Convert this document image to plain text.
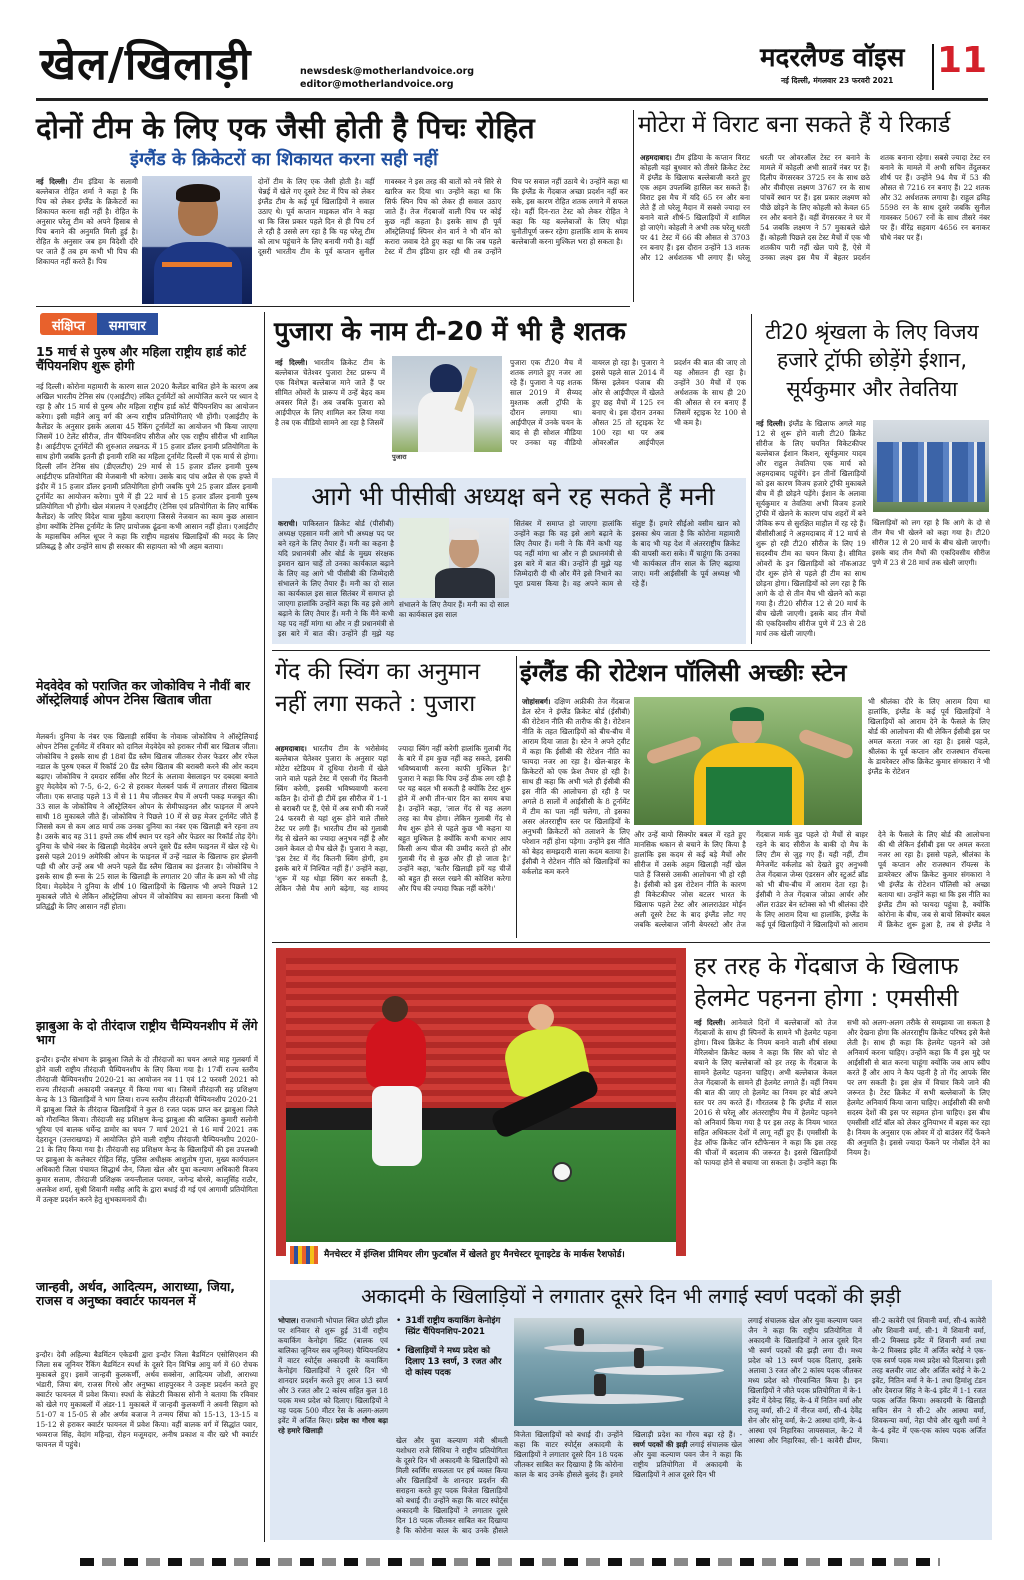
खेल/खिलाड़ी	newsdesk@motherlandvoice.org
editor@motherlandvoice.org
मदरलैण्ड वॉइस 11
नई दिल्ली, मंगलवार 23 फरवरी 2021
दोनों टीम के लिए एक जैसी होती है पिचः रोहित
इंग्लैंड के क्रिकेटरों का शिकायत करना सही नहीं
नई दिल्ली। टीम इंडिया के सलामी बल्लेबाज रोहित शर्मा ने कहा है कि पिच को लेकर इंग्लैंड के क्रिकेटरों का शिकायत करना सही नहीं है। रोहित के अनुसार घरेलू टीम को अपने हिसाब से पिच बनाने की अनुमति मिली हुई है। रोहित के अनुसार जब हम विदेशी दौरे पर जाते हैं तब हम कभी भी पिच की शिकायत नहीं करते हैं। पिच
दोनों टीम के लिए एक जैसी होती है। वहीं चेन्नई में खेले गए दूसरे टेस्ट में पिच को लेकर इंग्लैंड टीम के कई पूर्व खिलाड़ियों ने सवाल उठाए थे। पूर्व कप्तान माइकल वॉन ने कहा था कि जिस प्रकार पहले दिन से ही पिच टर्न ले रही है उससे लग रहा है कि यह घरेलू टीम को लाभ पहुंचाने के लिए बनायी गयी है। वहीं दूसरी भारतीय टीम के पूर्व कप्तान सुनील गावस्कर ने इस तरह की बातों को नये सिरे से खारिज कर दिया था। उन्होंने कहा था कि सिर्फ स्पिन पिच को लेकर ही सवाल उठाए जाते हैं। तेज गेंदबाजों वाली पिच पर कोई कुछ नहीं कहता है। इसके साथ ही पूर्व ऑस्ट्रेलियाई स्पिनर शेन वार्न ने भी वॉन को करारा जवाब देते हुए कहा था कि जब पहले टेस्ट में टीम इंडिया हार रही थी तब उन्होंने पिच पर सवाल नहीं उठाये थे। उन्होंने कहा था कि इंग्लैंड के गेंदबाज अच्छा प्रदर्शन नहीं कर सके, इस कारण रोहित शतक लगाने में सफल रहे। वहीं दिन-रात टेस्ट को लेकर रोहित ने कहा कि यह बल्लेबाजों के लिए थोड़ा चुनौतीपूर्ण जरूर रहेगा हालांकि शाम के समय बल्लेबाजी करना मुश्किल भरा हो सकता है।
मोटेरा में विराट बना सकते हैं ये रिकार्ड
अहमदाबाद। टीम इंडिया के कप्तान विराट कोहली यहां बुधवार को तीसरे क्रिकेट टेस्ट में इंग्लैंड के खिलाफ बल्लेबाजी करते हुए एक अहम उपलब्धि हासिल कर सकते हैं। विराट इस मैच में यदि 65 रन और बना लेते हैं तो घरेलू मैदान में सबसे ज्यादा रन बनाने वाले शीर्ष-5 खिलाड़ियों में शामिल हो जाएंगे। कोहली ने अभी तक घरेलू धरती पर 41 टेस्ट में 66 की औसत से 3703 रन बनाए हैं। इस दौरान उन्होंने 13 शतक और 12 अर्धशतक भी लगाए हैं। घरेलू धरती पर ओवरऑल टेस्ट रन बनाने के मामले में कोहली अभी सातवें नंबर पर हैं। दिलीप वेंगसरकर 3725 रन के साथ छठे और वीवीएस लक्ष्मण 3767 रन के साथ पांचवें स्थान पर हैं। इस प्रकार लक्ष्मण को पीछे छोड़ने के लिए कोहली को केवल 65 रन और बनाने हैं। वहीं वेंगसरकर ने घर में 54 जबकि लक्ष्मण ने 57 मुकाबले खेले हैं। कोहली पिछले दस टेस्ट मैचों में एक भी शतकीय पारी नहीं खेल पाये हैं, ऐसे में उनका लक्ष्य इस मैच में बेहतर प्रदर्शन शतक बनाना रहेगा। सबसे ज्यादा टेस्ट रन बनाने के मामले में अभी सचिन तेंदुलकर शीर्ष पर हैं। उन्होंने 94 मैच में 53 की औसत से 7216 रन बनाए हैं। 22 शतक और 32 अर्धशतक लगाया है। राहुल द्रविड़ 5598 रन के साथ दूसरे जबकि सुनील गावस्कर 5067 रनों के साथ तीसरे नंबर पर हैं। वीरेंद्र सहवाग 4656 रन बनाकर चौथे नंबर पर हैं।
संक्षिप्त	समाचार
15 मार्च से पुरुष और महिला राष्ट्रीय हार्ड कोर्ट चैंपियनशिप शुरू होगी
नई दिल्ली। कोरोना महामारी के कारण साल 2020 कैलेंडर बाधित होने के कारण अब अखिल भारतीय टेनिस संघ (एआईटीए) लंबित टूर्नामेंटों को आयोजित करने पर ध्यान दे रहा है और 15 मार्च से पुरुष और महिला राष्ट्रीय हार्ड कोर्ट चैंपियनशिप का आयोजन करेगा। इसी महीने आयु वर्ग की अन्य राष्ट्रीय प्रतियोगिताएं भी होंगी। एआईटीए के कैलेंडर के अनुसार इसके अलावा 45 रैंकिंग टूर्नामेंटों का आयोजन भी किया जाएगा जिसमें 10 टेलेंट सीरीज, तीन चैंपियनशिप सीरीज और एक राष्ट्रीय सीरीज भी शामिल है। आईटीएफ टूर्नामेंटों की शुरुआत लखनऊ में 15 हजार डॉलर इनामी प्रतियोगिता के साथ होगी जबकि इतनी ही इनामी राशि का महिला टूर्नामेंट दिल्ली में एक मार्च से होगा। दिल्ली लॉन टेनिस संघ (डीएलटीए) 29 मार्च से 15 हजार डॉलर इनामी पुरुष आईटीएफ प्रतियोगिता की मेजबानी भी करेगा। उसके बाद पांच अप्रैल से एक हफ्ते में इंदौर में 15 हजार डॉलर इनामी प्रतियोगिता होगी जबकि पुणे 25 हजार डॉलर इनामी टूर्नामेंट का आयोजन करेगा। पुणे में ही 22 मार्च से 15 हजार डॉलर इनामी पुरुष प्रतियोगिता भी होगी। खेल मंत्रालय ने एआईटीए (टेनिस एवं प्रतियोगिता के लिए वार्षिक कैलेंडर) के जरिए विदेश यात्रा मुहैया कराएगा जिससे नेजवान का काम कुछ आसान होगा क्योंकि टेनिस टूर्नामेंट के लिए प्रायोजक ढूंढना कभी आसान नहीं होता। एआईटीए के महासचिव अनिल धूपर ने कहा कि राष्ट्रीय महासंघ खिलाड़ियों की मदद के लिए प्रतिबद्ध है और उन्होंने साथ ही सरकार की सहायता को भी अहम बताया।
मेदवेदेव को पराजित कर जोकोविच ने नौवीं बार ऑस्ट्रेलियाई ओपन टेनिस खिताब जीता
मेलबर्न। दुनिया के नंबर एक खिलाड़ी सर्बिया के नोवाक जोकोविच ने ऑस्ट्रेलियाई ओपन टेनिस टूर्नामेंट में रविवार को दानिल मेदवेदेव को हराकर नौवीं बार खिताब जीता। जोकोविच ने इसके साथ ही 18वां ग्रैंड स्लैम खिताब जीतकर रोजर फेडरर और रफेल नडाल के पुरुष एकल में रिकॉर्ड 20 ग्रैंड स्लैम खिताब की बराबरी करने की ओर कदम बढ़ाए। जोकोविच ने दमदार सर्विस और रिटर्न के अलावा बेसलाइन पर दबदबा बनाते हुए मेदवेदेव को 7-5, 6-2, 6-2 से हराकर मेलबर्न पार्क में लगातार तीसरा खिताब जीता। एक सप्ताह पहले 13 में से 11 मैच जीतकर मैच में अपनी पकड़ मजबूत की। 33 साल के जोकोविच ने ऑस्ट्रेलियन ओपन के सेमीफाइनल और फाइनल में अपने साथी 18 मुकाबले जीते हैं। जोकोविच ने पिछले 10 में से छह मेजर टूर्नामेंट जीते हैं जिससे कम से कम आठ मार्च तक उनका दुनिया का नंबर एक खिलाड़ी बने रहना तय है। उसके बाद वह 311 हफ्ते तक शीर्ष स्थान पर रहने और फेडरर का रिकॉर्ड तोड़ देंगे। दुनिया के चौथे नंबर के खिलाड़ी मेदवेदेव अपने दूसरे ग्रैंड स्लैम फाइनल में खेल रहे थे। इससे पहले 2019 अमेरिकी ओपन के फाइनल में उन्हें नडाल के खिलाफ हार झेलनी पड़ी थी और उन्हें अब भी अपने पहले ग्रैंड स्लैम खिताब का इंतजार है। जोकोविच ने इसके साथ ही रूस के 25 साल के खिलाड़ी के लगातार 20 जीत के क्रम को भी तोड़ दिया। मेदवेदेव ने दुनिया के शीर्ष 10 खिलाड़ियों के खिलाफ भी अपने पिछले 12 मुकाबले जीते थे लेकिन ऑस्ट्रेलिया ओपन में जोकोविच का सामना करना किसी भी प्रतिद्वंद्वी के लिए आसान नहीं होता।
झाबुआ के दो तीरंदाज राष्ट्रीय चैम्पियनशीप में लेंगे भाग
इन्दौर। इन्दौर संभाग के झाबुआ जिले के दो तीरंदाजों का चयन अगले माह गुलबर्गा में होने वाली राष्ट्रीय तीरंदाजी चैम्पियनशीप के लिए किया गया है। 17वीं राज्य स्तरीय तीरंदाजी चैम्पियनशीप 2020-21 का आयोजन नव 11 एवं 12 फरवरी 2021 को राज्य तीरंदाजी अकादमी जबलपुर में किया गया था। जिसमें तीरंदाजी सह प्रशिक्षण केन्द्र के 13 खिलाड़ियों ने भाग लिया। राज्य स्तरीय तीरंदाजी चैम्पियनशीप 2020-21 में झाबुआ जिले के तीरंदाज खिलाड़ियों ने कुल 8 रजत पदक प्राप्त कर झाबुआ जिले को गौरान्वित किया। तीरंदाजी सह प्रशिक्षण केन्द्र झाबुआ की बालिका कुमारी सलोनी भूरिया एवं बालक धर्मेन्द्र डामोर का चयन 7 मार्च 2021 से 16 मार्च 2021 तक देहरादून (उत्तराखण्ड) में आयोजित होने वाली राष्ट्रीय तीरंदाजी चैम्पियनशीप 2020-21 के लिए किया गया है। तीरंदाजी सह प्रशिक्षण केन्द्र के खिलाड़ियों की इस उपलब्धी पर झाबुआ के कलेक्टर रोहित सिंह, पुलिस अधीक्षक आशुतोष गुप्ता, मुख्य कार्यपालन अधिकारी जिला पंचायत सिद्धार्थ जैन, जिला खेल और युवा कल्याण अधिकारी विजय कुमार सलाम, तीरंदाजी प्रशिक्षक जयन्तीलाल परमार, जगेन्द्र बोरसे, कालूसिंह राठौर, अलकेश शर्मा, सुश्री शिवानी मसीह आदि के द्वारा बधाई दी गई एवं आगामी प्रतियोगिता में उत्कृष्ट प्रदर्शन करने हेतु शुभकामनायें दी।
जान्हवी, अर्थव, आदित्यम, आराध्या, जिया, राजस व अनुष्का क्वार्टर फायनल में
इन्दौर। देवी अहिल्या बैडमिंटन एकेडमी द्वारा इन्दौर जिला बैडमिंटन एसोसिएशन की जिला सब जूनियर रैंकिंग बैडमिंटन स्पर्धा के दूसरे दिन विभिन्न आयु वर्ग में 60 रोचक मुकाबले हुए। इसमें जान्हवी कुलकर्णी, अर्थव सक्सेना, आदित्यम जोशी, आराध्या भंडारी, जिया बंग, राजस गिरधे और अनुष्का शाहपुरकर ने उत्कृष्ट प्रदर्शन करते हुए क्वार्टर फायनल में प्रवेश किया। स्पर्धा के सेक्रेटरी विकास सोनी ने बताया कि रविवार को खेले गए मुकाबलों में अंडर-11 मुकाबले में जान्हवी कुलकर्णी ने अवनी सिहाग को 51-07 व 15-05 से और अर्णव बजाज ने तन्मय सिंघा को 15-13, 13-15 व 15-12 से हराकर क्वार्टर फायनल में प्रवेश किया। वहीं बालक वर्ग में सिद्धांत पवार, भव्यराज सिंह, वेदांग महिन्द्रा, रोहन मजूमदार, अनीष प्रकाश व वीर खरे भी क्वार्टर फायनल में पहुंचे।
पुजारा के नाम टी-20 में भी है शतक
नई दिल्ली। भारतीय क्रिकेट टीम के बल्लेबाज चेतेश्वर पुजारा टेस्ट प्रारूप में एक विशेषज्ञ बल्लेबाज माने जाते हैं पर सीमित ओवरों के प्रारूप में उन्हें बेहद कम अवसर मिले हैं। अब जबकि पुजारा को आईपीएल के लिए शामिल कर लिया गया है तब एक वीडियो सामने आ रहा है जिसमें
पुजारा
पुजारा एक टी20 मैच में शतक लगाते हुए नजर आ रहे हैं। पुजारा ने यह शतक साल 2019 में सैय्यद मुश्ताक अली ट्रॉफी के दौरान लगाया था। आईपीएल में उनके चयन के बाद से ही सोशल मीडिया पर उनका यह वीडियो वायरल हो रहा है। पुजारा ने इससे पहले साल 2014 में किंग्स इलेवन पंजाब की ओर से आईपीएल में खेलते हुए छह मैचों में 125 रन बनाए थे। इस दौरान उनका औसत 25 तो स्ट्राइक रेट 100 रहा था पर अब ओवरऑल आईपीएल प्रदर्शन की बात की जाए तो यह औसतन ही रहा है। उन्होंने 30 मैचों में एक अर्धशतक के साथ ही 20 की औसत से रन बनाए हैं जिसमें स्ट्राइक रेट 100 से भी कम है।
टी20 श्रृंखला के लिए विजय हजारे ट्रॉफी छोड़ेंगे ईशान, सूर्यकुमार और तेवतिया
नई दिल्ली। इंग्लैंड के खिलाफ अगले माह 12 से शुरू होने वाली टी20 क्रिकेट सीरीज के लिए चयनित विकेटकीपर बल्लेबाज ईशान किशन, सूर्यकुमार यादव और राहुल तेवतिया एक मार्च को अहमदाबाद पहुंचेंगे। इन तीनों खिलाड़ियों को इस कारण विजय हजारे ट्रॉफी मुकाबले बीच में ही छोड़ने पड़ेंगे। ईशान के अलावा सूर्यकुमार व तेवतिया अभी विजय हजारे ट्रॉफी में खेलने के कारण पांच शहरों में बने जैविक रूप से सुरक्षित माहौल में रह रहे हैं। बीसीसीआई ने अहमदाबाद में 12 मार्च से शुरू हो रही टी20 सीरीज के लिए 19 सदस्यीय टीम का चयन किया है। सीमित ओवरों के इन खिलाड़ियों को नॉकआउट दौर शुरू होने से पहले ही टीम का साथ छोड़ना होगा। खिलाड़ियों को लग रहा है कि आगे के दो से तीन मैच भी खेलने को कहा गया है। टी20 सीरीज 12 से 20 मार्च के बीच खेली जाएगी। इसके बाद तीन मैचों की एकदिवसीय सीरीज पुणे में 23 से 28 मार्च तक खेली जाएगी।
खिलाड़ियों को लग रहा है कि आगे के दो से तीन मैच भी खेलने को कहा गया है। टी20 सीरीज 12 से 20 मार्च के बीच खेली जाएगी। इसके बाद तीन मैचों की एकदिवसीय सीरीज पुणे में 23 से 28 मार्च तक खेली जाएगी।
आगे भी पीसीबी अध्यक्ष बने रह सकते हैं मनी
कराची। पाकिस्तान क्रिकेट बोर्ड (पीसीबी) अध्यक्ष एहसान मनी आगे भी अध्यक्ष पद पर बने रहने के लिए तैयार हैं। मनी का कहना है यदि प्रधानमंत्री और बोर्ड के मुख्य संरक्षक इमरान खान चाहें तो उनका कार्यकाल बढ़ाने के लिए वह आगे भी पीसीबी की जिम्मेदारी संभालने के लिए तैयार हैं। मनी का दो साल का कार्यकाल इस साल सितंबर में समाप्त हो जाएगा हालांकि उन्होंने कहा कि वह इसे आगे बढ़ाने के लिए तैयार हैं। मनी ने कि मैंने कभी यह पद नहीं मांगा था और न ही प्रधानमंत्री से इस बारे में बात की। उन्होंने ही मुझे यह
संभालने के लिए तैयार हैं। मनी का दो साल का कार्यकाल इस साल
सितंबर में समाप्त हो जाएगा हालांकि उन्होंने कहा कि वह इसे आगे बढ़ाने के लिए तैयार हैं। मनी ने कि मैंने कभी यह पद नहीं मांगा था और न ही प्रधानमंत्री से इस बारे में बात की। उन्होंने ही मुझे यह जिम्मेदारी दी थी और मैंने इसे निभाने का पूरा प्रयास किया है। वह अपने काम से संतुष्ट हैं। हमारे सीईओ वसीम खान को इसका श्रेय जाता है कि कोरोना महामारी के बाद भी यह देश में अंतरराष्ट्रीय क्रिकेट की वापसी करा सके। मैं चाहूंगा कि उनका भी कार्यकाल तीन साल के लिए बढ़ाया जाए। मनी आईसीसी के पूर्व अध्यक्ष भी रहे हैं।
गेंद की स्विंग का अनुमान नहीं लगा सकते : पुजारा
अहमदाबाद। भारतीय टीम के भरोसेमंद बल्लेबाज चेतेश्वर पुजारा के अनुसार यहां मोटेरा स्टेडियम में दूधिया रोशनी में खेले जाने वाले पहले टेस्ट में एसजी गेंद कितनी स्विंग करेगी, इसकी भविष्यवाणी करना कठिन है। दोनों ही टीमें इस सीरीज में 1-1 से बराबरी पर हैं, ऐसे में अब सभी की नजरें 24 फरवरी से यहां शुरू होने वाले तीसरे टेस्ट पर लगी हैं। भारतीय टीम को गुलाबी गेंद से खेलने का ज्यादा अनुभव नहीं है और उसने केवल दो मैच खेले हैं। पुजारा ने कहा, 'इस टेस्ट में गेंद कितनी स्विंग होगी, हम इसके बारे में निश्चित नहीं हैं।' उन्होंने कहा, 'शुरू में यह थोड़ा स्विंग कर सकती है, लेकिन जैसे मैच आगे बढ़ेगा, यह शायद ज्यादा स्विंग नहीं करेगी हालांकि गुलाबी गेंद के बारे में हम कुछ नहीं कह सकते, इसकी भविष्यवाणी करना काफी मुश्किल है।' पुजारा ने कहा कि पिच उन्हें ठीक लग रही है पर यह बदल भी सकती है क्योंकि टेस्ट शुरू होने में अभी तीन-चार दिन का समय बचा है। उन्होंने कहा, 'लाल गेंद से यह अलग तरह का मैच होगा। लेकिन गुलाबी गेंद से मैच शुरू होने से पहले कुछ भी कहना या बहुत मुश्किल है क्योंकि कभी कभार आप किसी अन्य चीज की उम्मीद करते हो और गुलाबी गेंद से कुछ और ही हो जाता है।' उन्होंने कहा, 'बतौर खिलाड़ी हमें यह चीजें को बहुत ही सरल रखने की कोशिश करेगा और पिच की ज्यादा फिक्र नहीं करेंगे।'
इंग्लैंड की रोटेशन पॉलिसी अच्छीः स्टेन
जोहांसबर्ग। दक्षिण अफ्रीकी तेज गेंदबाज डेल स्टेन ने इंग्लैंड क्रिकेट बोर्ड (ईसीबी) की रोटेशन नीति की तारीफ की है। रोटेशन नीति के तहत खिलाड़ियों को बीच-बीच में आराम दिया जाता है। स्टेन ने अपने ट्वीट में कहा कि ईसीबी की रोटेशन नीति का फायदा नजर आ रहा है। खेल-बाहर के क्रिकेटरों को एक फ्रेश तैयार हो रही है। साथ ही कहा कि अभी भले ही ईसीबी की इस नीति की आलोचना हो रही है पर अगले 8 सालों में आईसीसी के 8 टूर्नामेंट में टीम का पता नहीं चलेगा, तो इसका असर अंतरराष्ट्रीय स्तर पर खिलाड़ियों के अनुभवी क्रिकेटरों को तलाशने के लिए परेशान नहीं होना पड़ेगा। उन्होंने इस नीति को बेहद समझदारी वाला कदम बताया है। ईसीबी ने रोटेशन नीति को खिलाड़ियों का वर्कलोड कम करने
और उन्हें बायो सिक्योर बबल में रहते हुए मानसिक थकान से बचाने के लिए किया है हालांकि इस कदम से कई बड़े मैचों और सीरीज में उसके अहम खिलाड़ी नहीं खेल पाते हैं जिससे उसकी आलोचना भी हो रही है। ईसीबी को इस रोटेशन नीति के कारण ही विकेटकीपर जोस बटलर भारत के खिलाफ पहले टेस्ट और आलराउंडर मोईन अली दूसरे टेस्ट के बाद इंग्लैंड लौट गए जबकि बल्लेबाज जॉनी बेयरस्टो और तेज गेंदबाज मार्क वुड पहले दो मैचों से बाहर रहने के बाद सीरीज के बाकी दो मैच के लिए टीम से जुड़ गए हैं। यही नहीं, टीम मैनेजमेंट वर्कलोड को देखते हुए अनुभवी तेज गेंदबाज जेम्स एंडरसन और स्टुअर्ट ब्रॉड को भी बीच-बीच में आराम देता रहा है। ईसीबी ने तेज गेंदबाज जोफ्रा आर्चर और ऑल राउंडर बेन स्टोक्स को भी श्रीलंका दौरे के लिए आराम दिया था हालांकि, इंग्लैंड के कई पूर्व खिलाड़ियों ने खिलाड़ियों को आराम देने के फैसले के लिए बोर्ड की आलोचना की थी लेकिन ईसीबी इस पर अमल करता नजर आ रहा है। इससे पहले, श्रीलंका के पूर्व कप्तान और राजस्थान रॉयल्स के डायरेक्टर ऑफ क्रिकेट कुमार संगकारा ने भी इंग्लैंड के रोटेशन पॉलिसी को अच्छा बताया था। उन्होंने कहा था कि इस नीति का इंग्लैंड टीम को फायदा पहुंचा है, क्योंकि कोरोना के बीच, जब से बायो सिक्योर बबल में क्रिकेट शुरू हुआ है, तब से इंग्लैंड ने
भी श्रीलंका दौरे के लिए आराम दिया था हालांकि, इंग्लैंड के कई पूर्व खिलाड़ियों ने खिलाड़ियों को आराम देने के फैसले के लिए बोर्ड की आलोचना की थी लेकिन ईसीबी इस पर अमल करता नजर आ रहा है। इससे पहले, श्रीलंका के पूर्व कप्तान और राजस्थान रॉयल्स के डायरेक्टर ऑफ क्रिकेट कुमार संगकारा ने भी इंग्लैंड के रोटेशन
मैनचेस्टर में इंग्लिश प्रीमियर लीग फुटबॉल में खेलते हुए मैनचेस्टर यूनाइटेड के मार्कस रैशफोर्ड।
हर तरह के गेंदबाज के खिलाफ हेलमेट पहनना होगा : एमसीसी
नई दिल्ली। आनेवाले दिनों में बल्लेबाजों को तेज गेंदबाजों के साथ ही स्पिनरों के सामने भी हेलमेट पहना होगा। विश्व क्रिकेट के नियम बनाने वाली शीर्ष संस्था मेरिलबोन क्रिकेट क्लब ने कहा कि सिर को चोट से बचाने के लिए बल्लेबाजों को हर तरह के गेंदबाज के सामने हेलमेट पहनना चाहिए। अभी बल्लेबाज केवल तेज गेंदबाजों के सामने ही हेलमेट लगाते हैं। वहीं नियम की बात की जाए तो हेलमेट का नियम हर बोर्ड अपने स्तर पर तय करते हैं। गौरतलब है कि इंग्लैंड में साल 2016 से घरेलू और अंतरराष्ट्रीय मैच में हेलमेट पहनने को अनिवार्य किया गया है पर इस तरह के नियम भारत सहित अधिकतर देशों में लागू नहीं हुए हैं। एमसीसी के हेड ऑफ क्रिकेट जॉन स्टीफेन्सन ने कहा कि इस तरह की चीजों में बदलाव की जरूरत है। इससे खिलाड़ियों को फायदा होने से बचाया जा सकता है। उन्होंने कहा कि सभी को अलग-अलग तरीके से समझाया जा सकता है और देखना होगा कि अंतरराष्ट्रीय क्रिकेट परिषद इसे कैसे लेती है। साथ ही कहा कि हेलमेट पहनने को उसे अनिवार्य करना चाहिए। उन्होंने कहा कि मैं इस मुद्दे पर आईसीसी से बात करना चाहूंगा क्योंकि जब आप स्वीप करते हैं और आप ने कैप पहनी है तो गेंद आपके सिर पर लग सकती है। इस क्षेत्र में विचार किये जाने की जरूरत है। टेस्ट क्रिकेट में सभी बल्लेबाजों के लिए हेलमेट अनिवार्य किया जाना चाहिए। आईसीसी की सभी सदस्य देशों की इस पर सहमत होना चाहिए। इस बीच एमसीसी शॉर्ट बॉल को लेकर दुनियाभर में बहस कर रहा है। नियम के अनुसार एक ओवर में दो बाउंसर गेंदें फेंकने की अनुमति है। इससे ज्यादा फेंकने पर नोबॉल देने का नियम है।
अकादमी के खिलाड़ियों ने लगातार दूसरे दिन भी लगाई स्वर्ण पदकों की झड़ी
भोपाल। राजधानी भोपाल स्थित छोटी झील पर शनिवार से शुरू हुई 31वीं राष्ट्रीय कयाकिंग केनोइंग स्प्रिंट (बालक एवं बालिका जूनियर सब जूनियर) चैम्पियनशिप में वाटर स्पोर्ट्स अकादमी के कयाकिंग केनोइंग खिलाड़ियों ने दूसरे दिन भी शानदार प्रदर्शन करते हुए आज 13 स्वर्ण और 3 रजत और 2 कांस्य सहित कुल 18 पदक मध्य प्रदेश को दिलाए। खिलाड़ियों ने यह पदक 500 मीटर रेस के अलग-अलग इवेंट में अर्जित किए। प्रदेश का गौरव बढ़ा रहे हमारे खिलाड़ी
• 31वीं राष्ट्रीय कयाकिंग केनोइंग स्प्रिंट चैंपियनशिप-2021
• खिलाड़ियों ने मध्य प्रदेश को दिलाए 13 स्वर्ण, 3 रजत और दो कांस्य पदक
खेल और युवा कल्याण मंत्री श्रीमती यशोधरा राजे सिंधिया ने राष्ट्रीय प्रतियोगिता के दूसरे दिन भी अकादमी के खिलाड़ियों को मिली स्वर्णिम सफलता पर हर्ष व्यक्त किया और खिलाड़ियों के शानदार प्रदर्शन की सराहना करते हुए पदक विजेता खिलाड़ियों को बधाई दी। उन्होंने कहा कि वाटर स्पोर्ट्स अकादमी के खिलाड़ियों ने लगातार दूसरे दिन 18 पदक जीतकर साबित कर दिखाया है कि कोरोना काल के बाद उनके हौसले
विजेता खिलाड़ियों को बधाई दी। उन्होंने कहा कि वाटर स्पोर्ट्स अकादमी के खिलाड़ियों ने लगातार दूसरे दिन 18 पदक जीतकर साबित कर दिखाया है कि कोरोना काल के बाद उनके हौसले बुलंद हैं। हमारे खिलाड़ी प्रदेश का गौरव बढ़ा रहे हैं। - स्वर्ण पदकों की झड़ी लगाई संचालक खेल और युवा कल्याण पवन जैन ने कहा कि राष्ट्रीय प्रतियोगिता में अकादमी के खिलाड़ियों ने आज दूसरे दिन भी
लगाई संचालक खेल और युवा कल्याण पवन जैन ने कहा कि राष्ट्रीय प्रतियोगिता में अकादमी के खिलाड़ियों ने आज दूसरे दिन भी स्वर्ण पदकों की झड़ी लगा दी। मध्य प्रदेश को 13 स्वर्ण पदक दिलाए, इसके अलावा 3 रजत और 2 कांस्य पदक जीतकर मध्य प्रदेश को गौरवान्वित किया है। इन खिलाड़ियों ने जीते पदक प्रतियोगिता में के-1 इवेंट में देवेन्द्र सिंह, के-4 में नितिन वर्मा और राजू वर्मा, सी-2 में नीरज वर्मा, सी-4 देवेंद्र सेन और सोनू वर्मा, के-2 आस्था दांगी, के-4 आस्था एवं निहारिका जायसवाल, के-2 में आस्था और निहारिका, सी-1 कावेरी ढीमर, सी-2 कावेरी एवं शिवानी वर्मा, सी-4 कावेरी और शिवानी वर्मा, सी-1 में शिवानी वर्मा, सी-2 मिक्सड इवेंट में शिवानी वर्मा तथा के-2 मिक्सड इवेंट में अर्जित बरोई ने एक-एक स्वर्ण पदक मध्य प्रदेश को दिलाया। इसी तरह बलवीर जाट और अर्जित बरोई ने के-2 इवेंट, नितिन वर्मा ने के-1 तथा हिमांशु टंडन और देवराज सिंह ने के-4 इवेंट में 1-1 रजत पदक अर्जित किया। अकादमी के खिलाड़ी सचिन सेन ने सी-2 और आस्था वर्मा, शिवकन्या वर्मा, नेहा पौचे और खुशी वर्मा ने के-4 इवेंट में एक-एक कांस्य पदक अर्जित किया।
